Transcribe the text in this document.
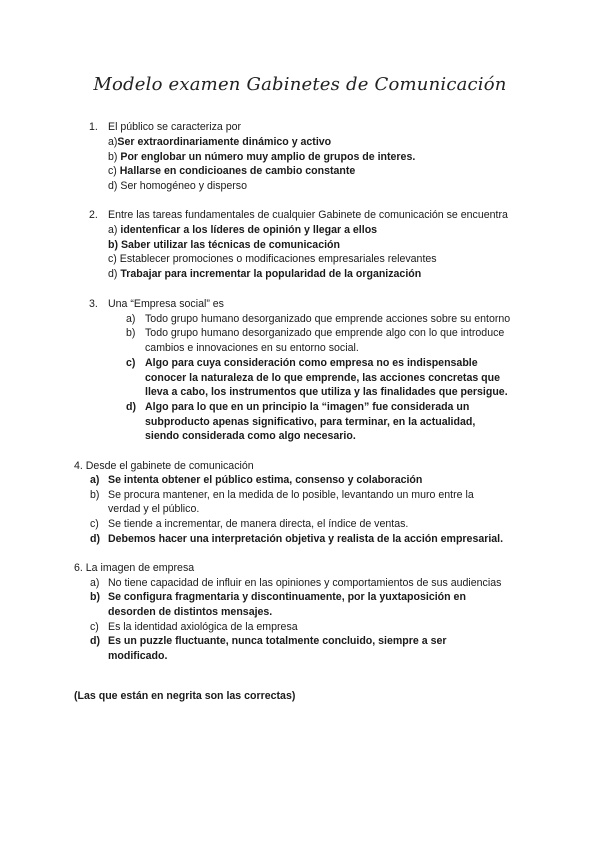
Modelo examen Gabinetes de Comunicación
1. El público se caracteriza por
a)Ser extraordinariamente dinámico y activo
b) Por englobar un número muy amplio de grupos de interes.
c) Hallarse en condicioanes de cambio constante
d) Ser homogéneo y disperso
2. Entre las tareas fundamentales de cualquier Gabinete de comunicación se encuentra
a) identenficar a los líderes de opinión y llegar a ellos
b) Saber utilizar las técnicas de comunicación
c) Establecer promociones o modificaciones empresariales relevantes
d) Trabajar para incrementar la popularidad de la organización
3. Una “Empresa social” es
a) Todo grupo humano desorganizado que emprende acciones sobre su entorno
b) Todo grupo humano desorganizado que emprende algo con lo que introduce
cambios e innovaciones en su entorno social.
c) Algo para cuya consideración como empresa no es indispensable
conocer la naturaleza de lo que emprende, las acciones concretas que
lleva a cabo, los instrumentos que utiliza y las finalidades que persigue.
d) Algo para lo que en un principio la “imagen” fue considerada un
subproducto apenas significativo, para terminar, en la actualidad,
siendo considerada como algo necesario.
4. Desde el gabinete de comunicación
a) Se intenta obtener el público estima, consenso y colaboración
b) Se procura mantener, en la medida de lo posible, levantando un muro entre la
verdad y el público.
c) Se tiende a incrementar, de manera directa, el índice de ventas.
d) Debemos hacer una interpretación objetiva y realista de la acción empresarial.
6. La imagen de empresa
a) No tiene capacidad de influir en las opiniones y comportamientos de sus audiencias
b) Se configura fragmentaria y discontinuamente, por la yuxtaposición en
desorden de distintos mensajes.
c) Es la identidad axiológica de la empresa
d) Es un puzzle fluctuante, nunca totalmente concluido, siempre a ser
modificado.
(Las que están en negrita son las correctas)
